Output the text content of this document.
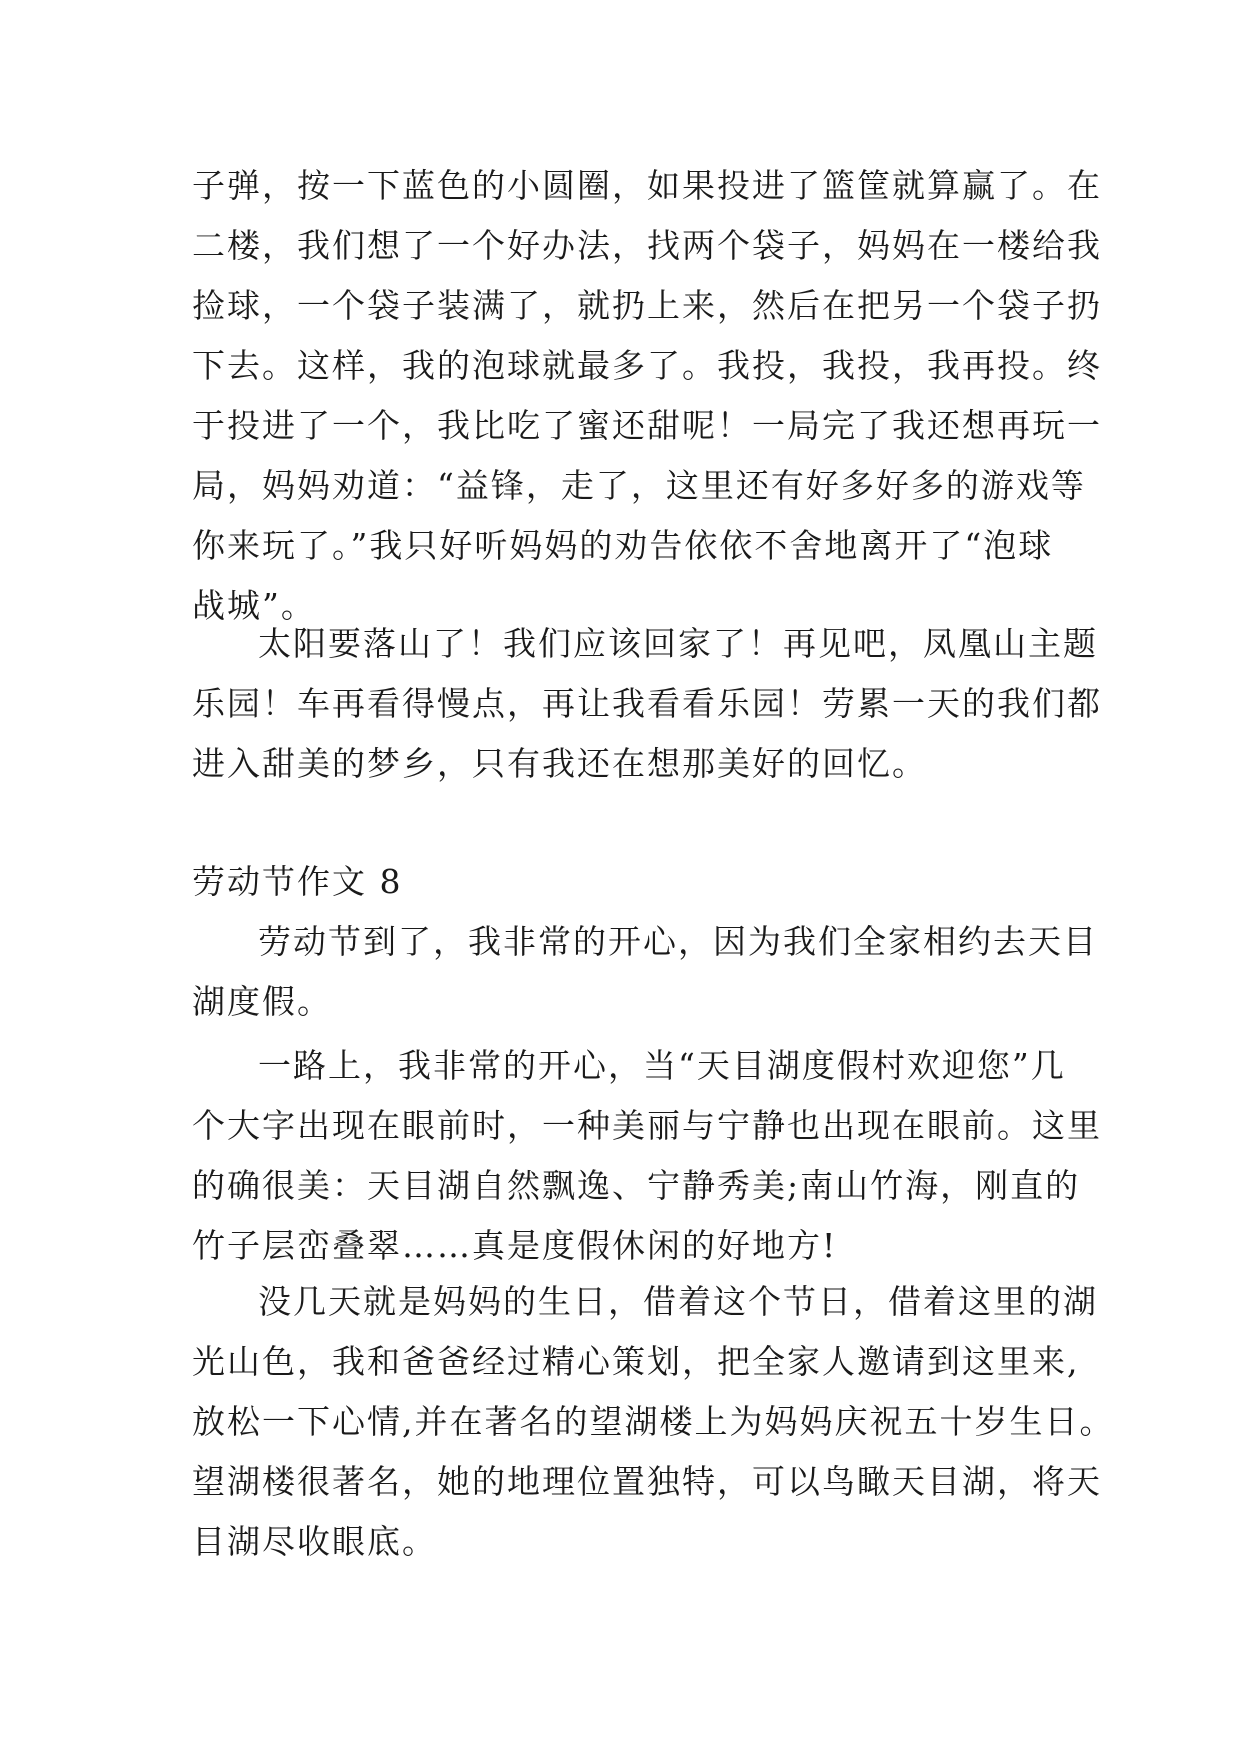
子弹，按一下蓝色的小圆圈，如果投进了篮筐就算赢了。在
二楼，我们想了一个好办法，找两个袋子，妈妈在一楼给我
捡球，一个袋子装满了，就扔上来，然后在把另一个袋子扔
下去。这样，我的泡球就最多了。我投，我投，我再投。终
于投进了一个，我比吃了蜜还甜呢！一局完了我还想再玩一
局，妈妈劝道：“益锋，走了，这里还有好多好多的游戏等
你来玩了。”我只好听妈妈的劝告依依不舍地离开了“泡球
战城”。
太阳要落山了！我们应该回家了！再见吧，凤凰山主题
乐园！车再看得慢点，再让我看看乐园！劳累一天的我们都
进入甜美的梦乡，只有我还在想那美好的回忆。
劳动节作文 8
劳动节到了，我非常的开心，因为我们全家相约去天目
湖度假。
一路上，我非常的开心，当“天目湖度假村欢迎您”几
个大字出现在眼前时，一种美丽与宁静也出现在眼前。这里
的确很美：天目湖自然飘逸、宁静秀美;南山竹海，刚直的
竹子层峦叠翠……真是度假休闲的好地方!
没几天就是妈妈的生日，借着这个节日，借着这里的湖
光山色，我和爸爸经过精心策划，把全家人邀请到这里来,
放松一下心情,并在著名的望湖楼上为妈妈庆祝五十岁生日。
望湖楼很著名，她的地理位置独特，可以鸟瞰天目湖，将天
目湖尽收眼底。
